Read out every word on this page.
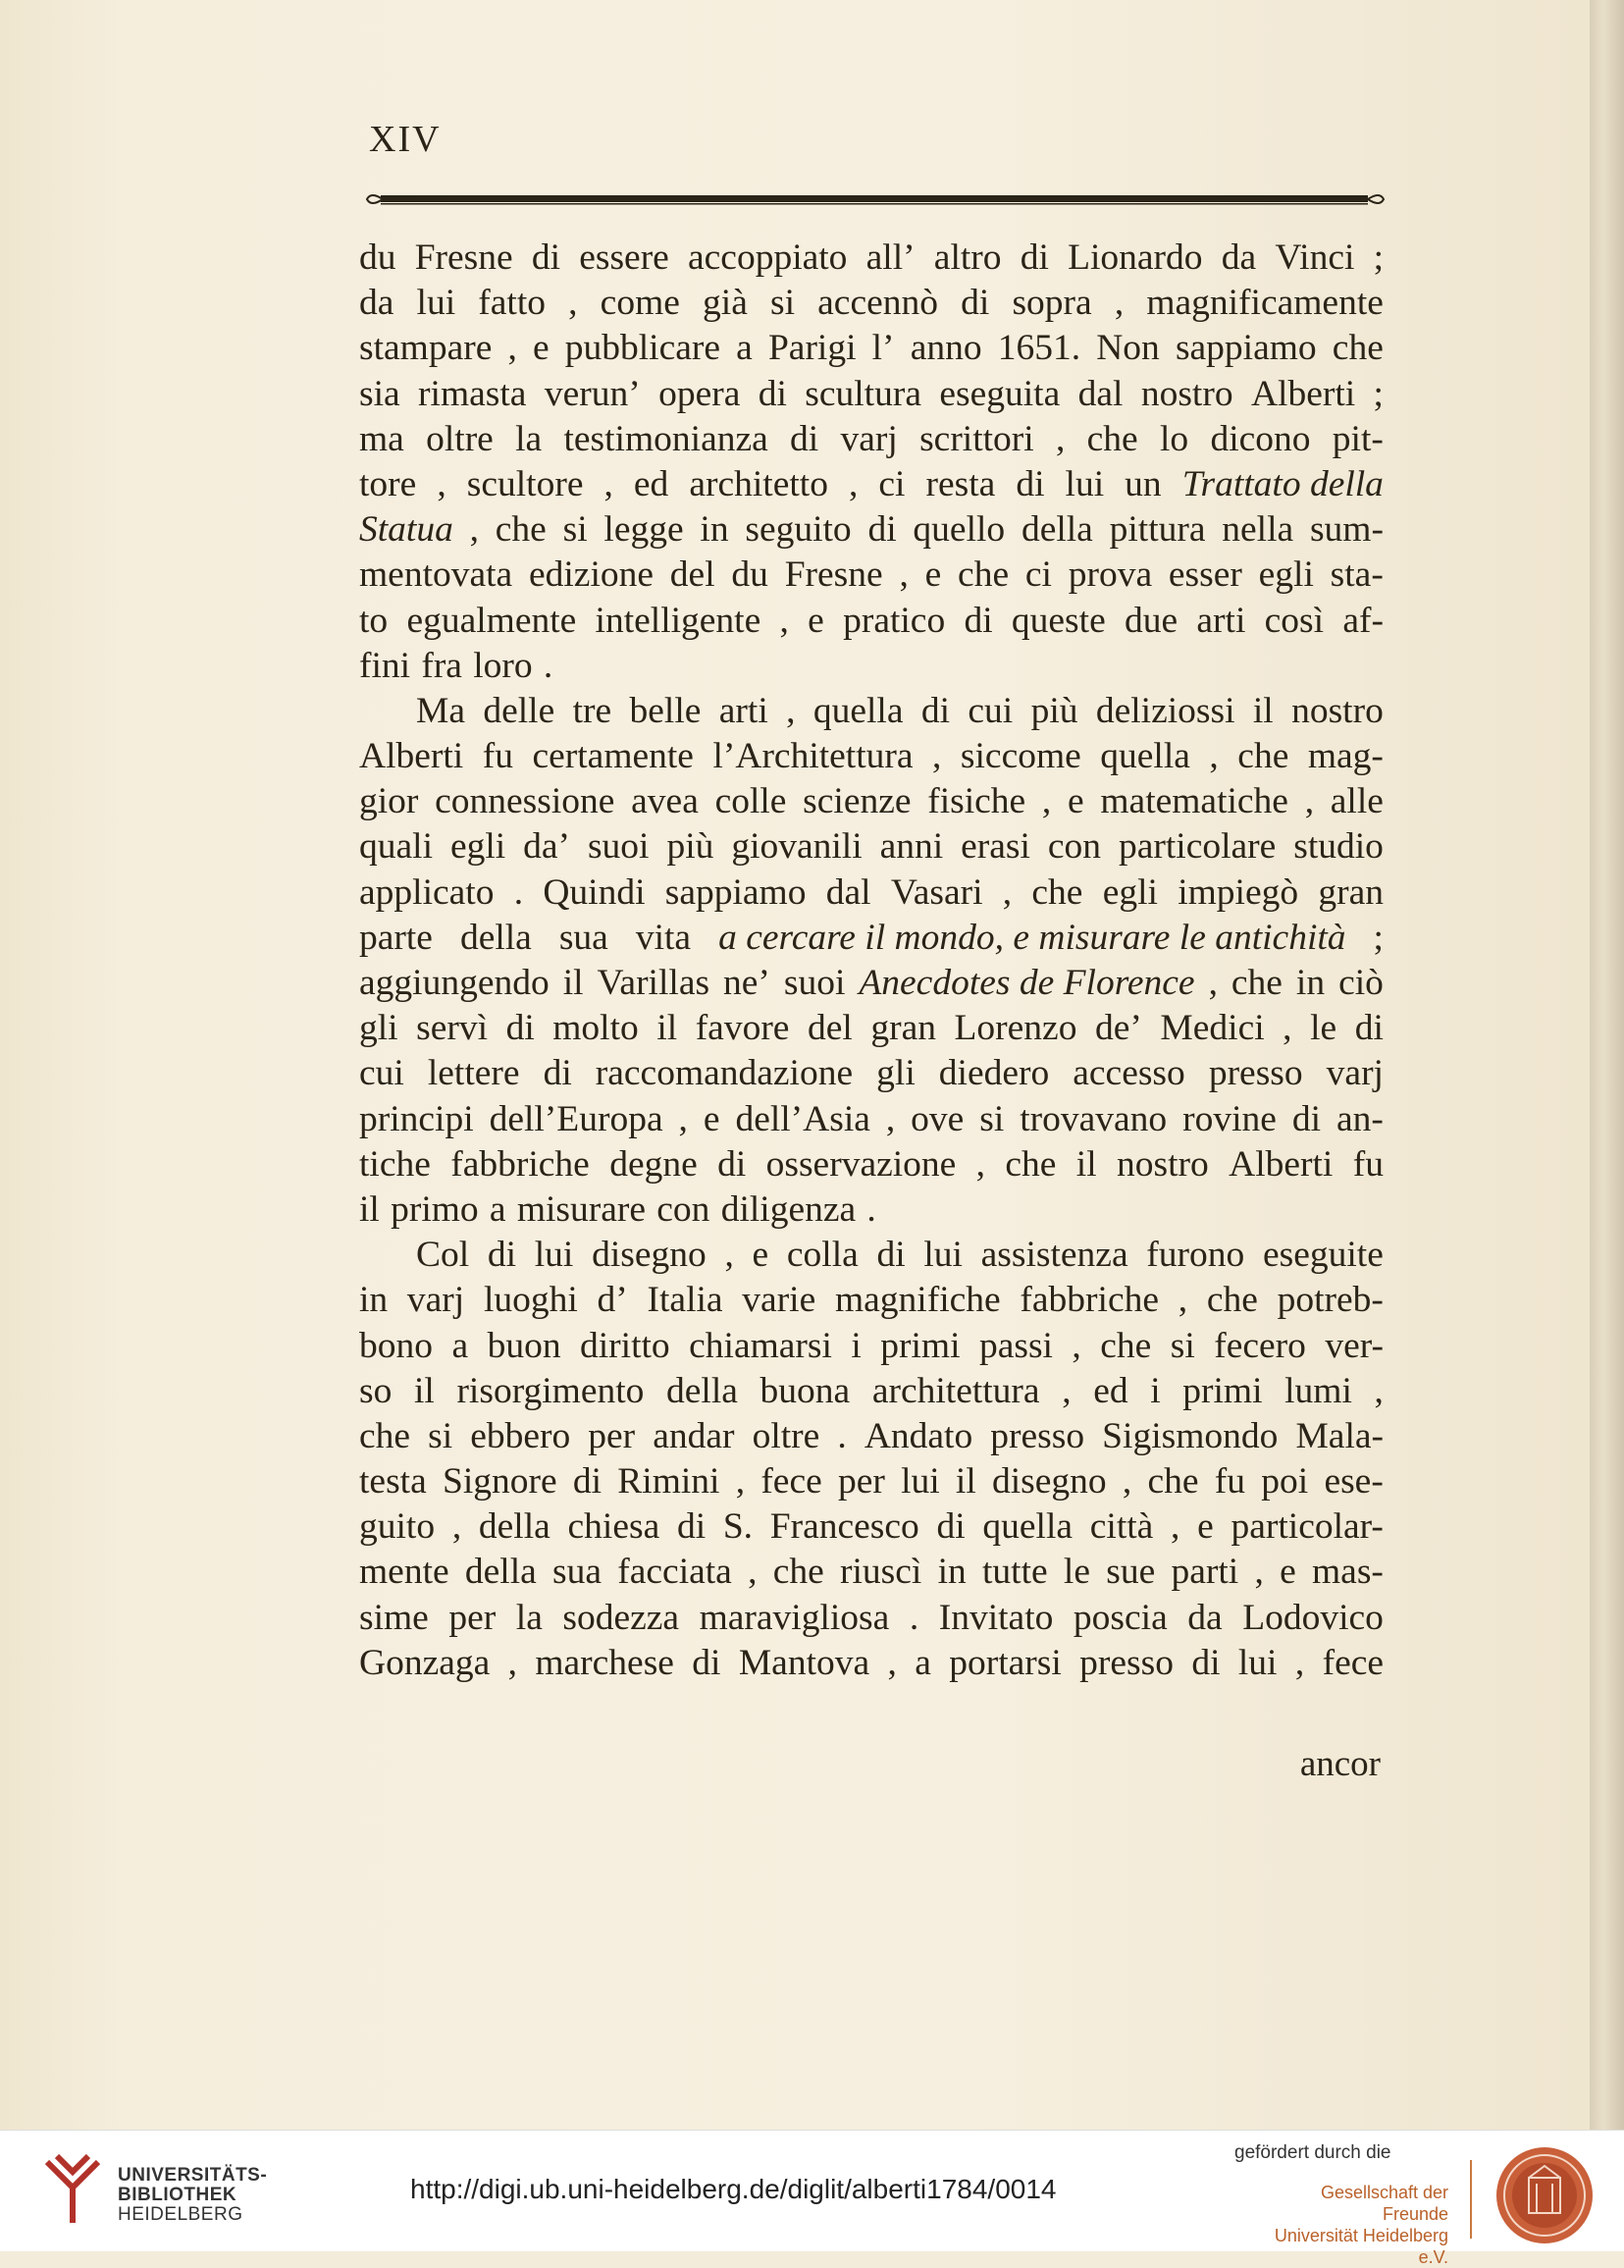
XIV
du Fresne di essere accoppiato all’ altro di Lionardo da Vinci ;
da lui fatto , come già si accennò di sopra , magnificamente
stampare , e pubblicare a Parigi l’ anno 1651. Non sappiamo che
sia rimasta verun’ opera di scultura eseguita dal nostro Alberti ;
ma oltre la testimonianza di varj scrittori , che lo dicono pit-
tore , scultore , ed architetto , ci resta di lui un Trattato della
Statua , che si legge in seguito di quello della pittura nella sum-
mentovata edizione del du Fresne , e che ci prova esser egli sta-
to egualmente intelligente , e pratico di queste due arti così af-
fini fra loro .
Ma delle tre belle arti , quella di cui più deliziossi il nostro
Alberti fu certamente l’Architettura , siccome quella , che mag-
gior connessione avea colle scienze fisiche , e matematiche , alle
quali egli da’ suoi più giovanili anni erasi con particolare studio
applicato . Quindi sappiamo dal Vasari , che egli impiegò gran
parte della sua vita a cercare il mondo, e misurare le antichità ;
aggiungendo il Varillas ne’ suoi Anecdotes de Florence , che in ciò
gli servì di molto il favore del gran Lorenzo de’ Medici , le di
cui lettere di raccomandazione gli diedero accesso presso varj
principi dell’Europa , e dell’Asia , ove si trovavano rovine di an-
tiche fabbriche degne di osservazione , che il nostro Alberti fu
il primo a misurare con diligenza .
Col di lui disegno , e colla di lui assistenza furono eseguite
in varj luoghi d’ Italia varie magnifiche fabbriche , che potreb-
bono a buon diritto chiamarsi i primi passi , che si fecero ver-
so il risorgimento della buona architettura , ed i primi lumi ,
che si ebbero per andar oltre . Andato presso Sigismondo Mala-
testa Signore di Rimini , fece per lui il disegno , che fu poi ese-
guito , della chiesa di S. Francesco di quella città , e particolar-
mente della sua facciata , che riuscì in tutte le sue parti , e mas-
sime per la sodezza maravigliosa . Invitato poscia da Lodovico
Gonzaga , marchese di Mantova , a portarsi presso di lui , fece
ancor
UNIVERSITÄTS-
BIBLIOTHEK
HEIDELBERG
http://digi.ub.uni-heidelberg.de/diglit/alberti1784/0014
gefördert durch die
Gesellschaft der Freunde
Universität Heidelberg e.V.
